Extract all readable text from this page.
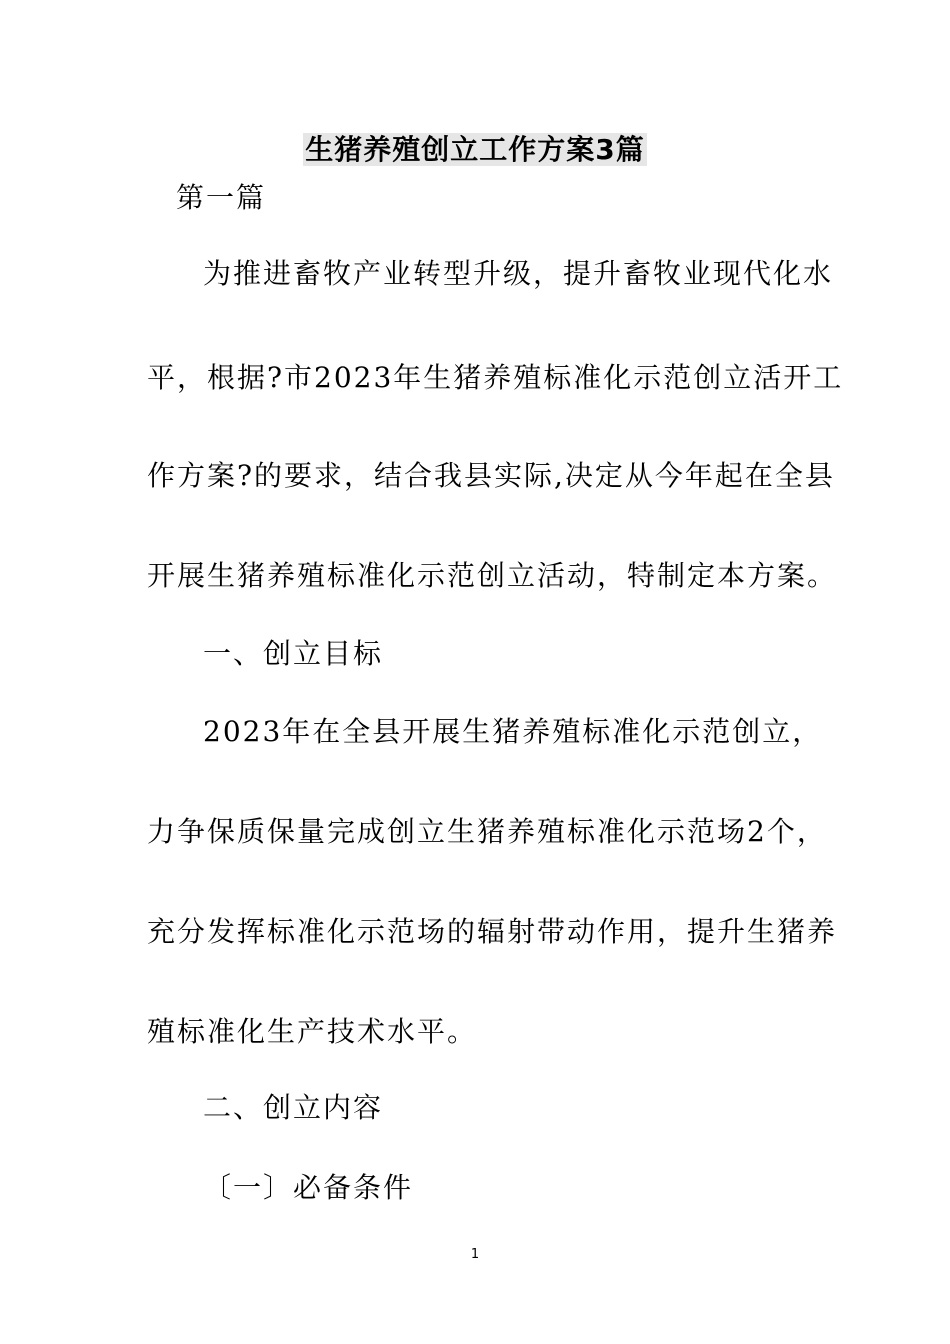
生猪养殖创立工作方案3篇
第一篇
为推进畜牧产业转型升级，提升畜牧业现代化水
平，根据?市2023年生猪养殖标准化示范创立活开工
作方案?的要求，结合我县实际,决定从今年起在全县
开展生猪养殖标准化示范创立活动，特制定本方案。
一、创立目标
2023年在全县开展生猪养殖标准化示范创立，
力争保质保量完成创立生猪养殖标准化示范场2个，
充分发挥标准化示范场的辐射带动作用，提升生猪养
殖标准化生产技术水平。
二、创立内容
〔一〕必备条件
1
